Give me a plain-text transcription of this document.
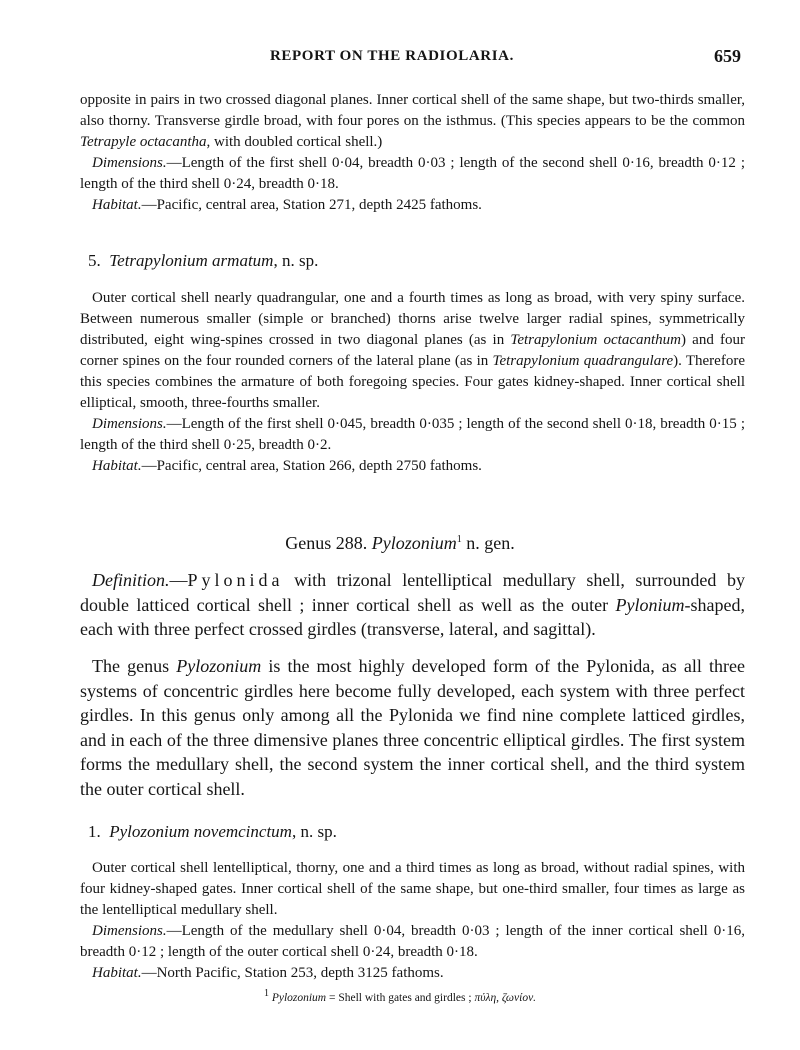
REPORT ON THE RADIOLARIA.	659

opposite in pairs in two crossed diagonal planes. Inner cortical shell of the same shape, but two-thirds smaller, also thorny. Transverse girdle broad, with four pores on the isthmus. (This species appears to be the common Tetrapyle octacantha, with doubled cortical shell.)

Dimensions.—Length of the first shell 0·04, breadth 0·03 ; length of the second shell 0·16, breadth 0·12 ; length of the third shell 0·24, breadth 0·18.

Habitat.—Pacific, central area, Station 271, depth 2425 fathoms.

5. Tetrapylonium armatum, n. sp.

Outer cortical shell nearly quadrangular, one and a fourth times as long as broad, with very spiny surface. Between numerous smaller (simple or branched) thorns arise twelve larger radial spines, symmetrically distributed, eight wing-spines crossed in two diagonal planes (as in Tetrapylonium octacanthum) and four corner spines on the four rounded corners of the lateral plane (as in Tetrapylonium quadrangulare). Therefore this species combines the armature of both foregoing species. Four gates kidney-shaped. Inner cortical shell elliptical, smooth, three-fourths smaller.

Dimensions.—Length of the first shell 0·045, breadth 0·035 ; length of the second shell 0·18, breadth 0·15 ; length of the third shell 0·25, breadth 0·2.

Habitat.—Pacific, central area, Station 266, depth 2750 fathoms.

Genus 288. Pylozonium$^1$ n. gen.

Definition.—Pylonida with trizonal lentelliptical medullary shell, surrounded by double latticed cortical shell ; inner cortical shell as well as the outer Pylonium-shaped, each with three perfect crossed girdles (transverse, lateral, and sagittal).

The genus Pylozonium is the most highly developed form of the Pylonida, as all three systems of concentric girdles here become fully developed, each system with three perfect girdles. In this genus only among all the Pylonida we find nine complete latticed girdles, and in each of the three dimensive planes three concentric elliptical girdles. The first system forms the medullary shell, the second system the inner cortical shell, and the third system the outer cortical shell.

1. Pylozonium novemcinctum, n. sp.

Outer cortical shell lentelliptical, thorny, one and a third times as long as broad, without radial spines, with four kidney-shaped gates. Inner cortical shell of the same shape, but one-third smaller, four times as large as the lentelliptical medullary shell.

Dimensions.—Length of the medullary shell 0·04, breadth 0·03 ; length of the inner cortical shell 0·16, breadth 0·12 ; length of the outer cortical shell 0·24, breadth 0·18.

Habitat.—North Pacific, Station 253, depth 3125 fathoms.

$^1$ Pylozonium = Shell with gates and girdles ; πύλη, ζωνίον.
